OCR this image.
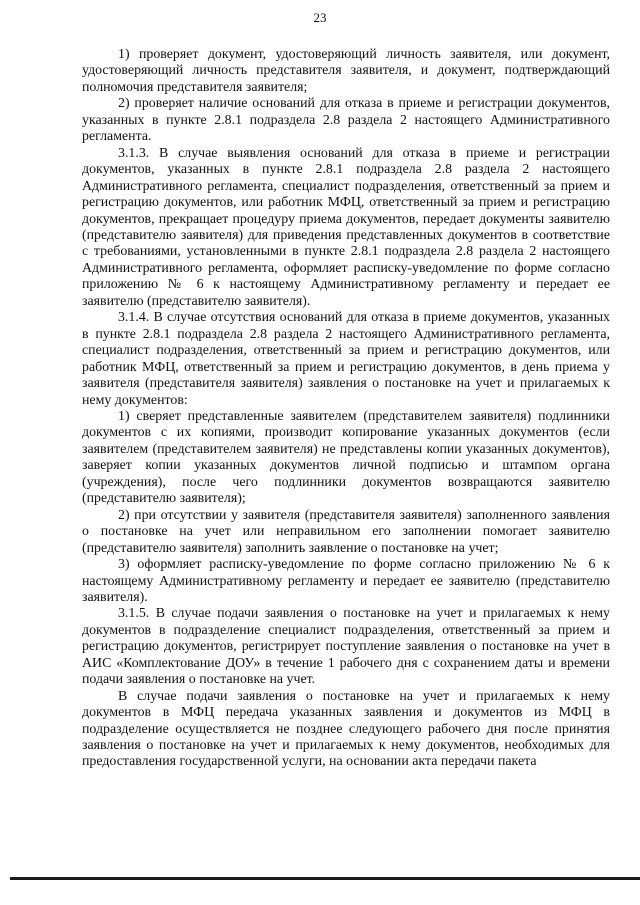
23

1) проверяет документ, удостоверяющий личность заявителя, или документ, удостоверяющий личность представителя заявителя, и документ, подтверждающий полномочия представителя заявителя;

2) проверяет наличие оснований для отказа в приеме и регистрации документов, указанных в пункте 2.8.1 подраздела 2.8 раздела 2 настоящего Административного регламента.

3.1.3. В случае выявления оснований для отказа в приеме и регистрации документов, указанных в пункте 2.8.1 подраздела 2.8 раздела 2 настоящего Административного регламента, специалист подразделения, ответственный за прием и регистрацию документов, или работник МФЦ, ответственный за прием и регистрацию документов, прекращает процедуру приема документов, передает документы заявителю (представителю заявителя) для приведения представленных документов в соответствие с требованиями, установленными в пункте 2.8.1 подраздела 2.8 раздела 2 настоящего Административного регламента, оформляет расписку-уведомление по форме согласно приложению № 6 к настоящему Административному регламенту и передает ее заявителю (представителю заявителя).

3.1.4. В случае отсутствия оснований для отказа в приеме документов, указанных в пункте 2.8.1 подраздела 2.8 раздела 2 настоящего Административного регламента, специалист подразделения, ответственный за прием и регистрацию документов, или работник МФЦ, ответственный за прием и регистрацию документов, в день приема у заявителя (представителя заявителя) заявления о постановке на учет и прилагаемых к нему документов:

1) сверяет представленные заявителем (представителем заявителя) подлинники документов с их копиями, производит копирование указанных документов (если заявителем (представителем заявителя) не представлены копии указанных документов), заверяет копии указанных документов личной подписью и штампом органа (учреждения), после чего подлинники документов возвращаются заявителю (представителю заявителя);

2) при отсутствии у заявителя (представителя заявителя) заполненного заявления о постановке на учет или неправильном его заполнении помогает заявителю (представителю заявителя) заполнить заявление о постановке на учет;

3) оформляет расписку-уведомление по форме согласно приложению № 6 к настоящему Административному регламенту и передает ее заявителю (представителю заявителя).

3.1.5. В случае подачи заявления о постановке на учет и прилагаемых к нему документов в подразделение специалист подразделения, ответственный за прием и регистрацию документов, регистрирует поступление заявления о постановке на учет в АИС «Комплектование ДОУ» в течение 1 рабочего дня с сохранением даты и времени подачи заявления о постановке на учет.

В случае подачи заявления о постановке на учет и прилагаемых к нему документов в МФЦ передача указанных заявления и документов из МФЦ в подразделение осуществляется не позднее следующего рабочего дня после принятия заявления о постановке на учет и прилагаемых к нему документов, необходимых для предоставления государственной услуги, на основании акта передачи пакета
